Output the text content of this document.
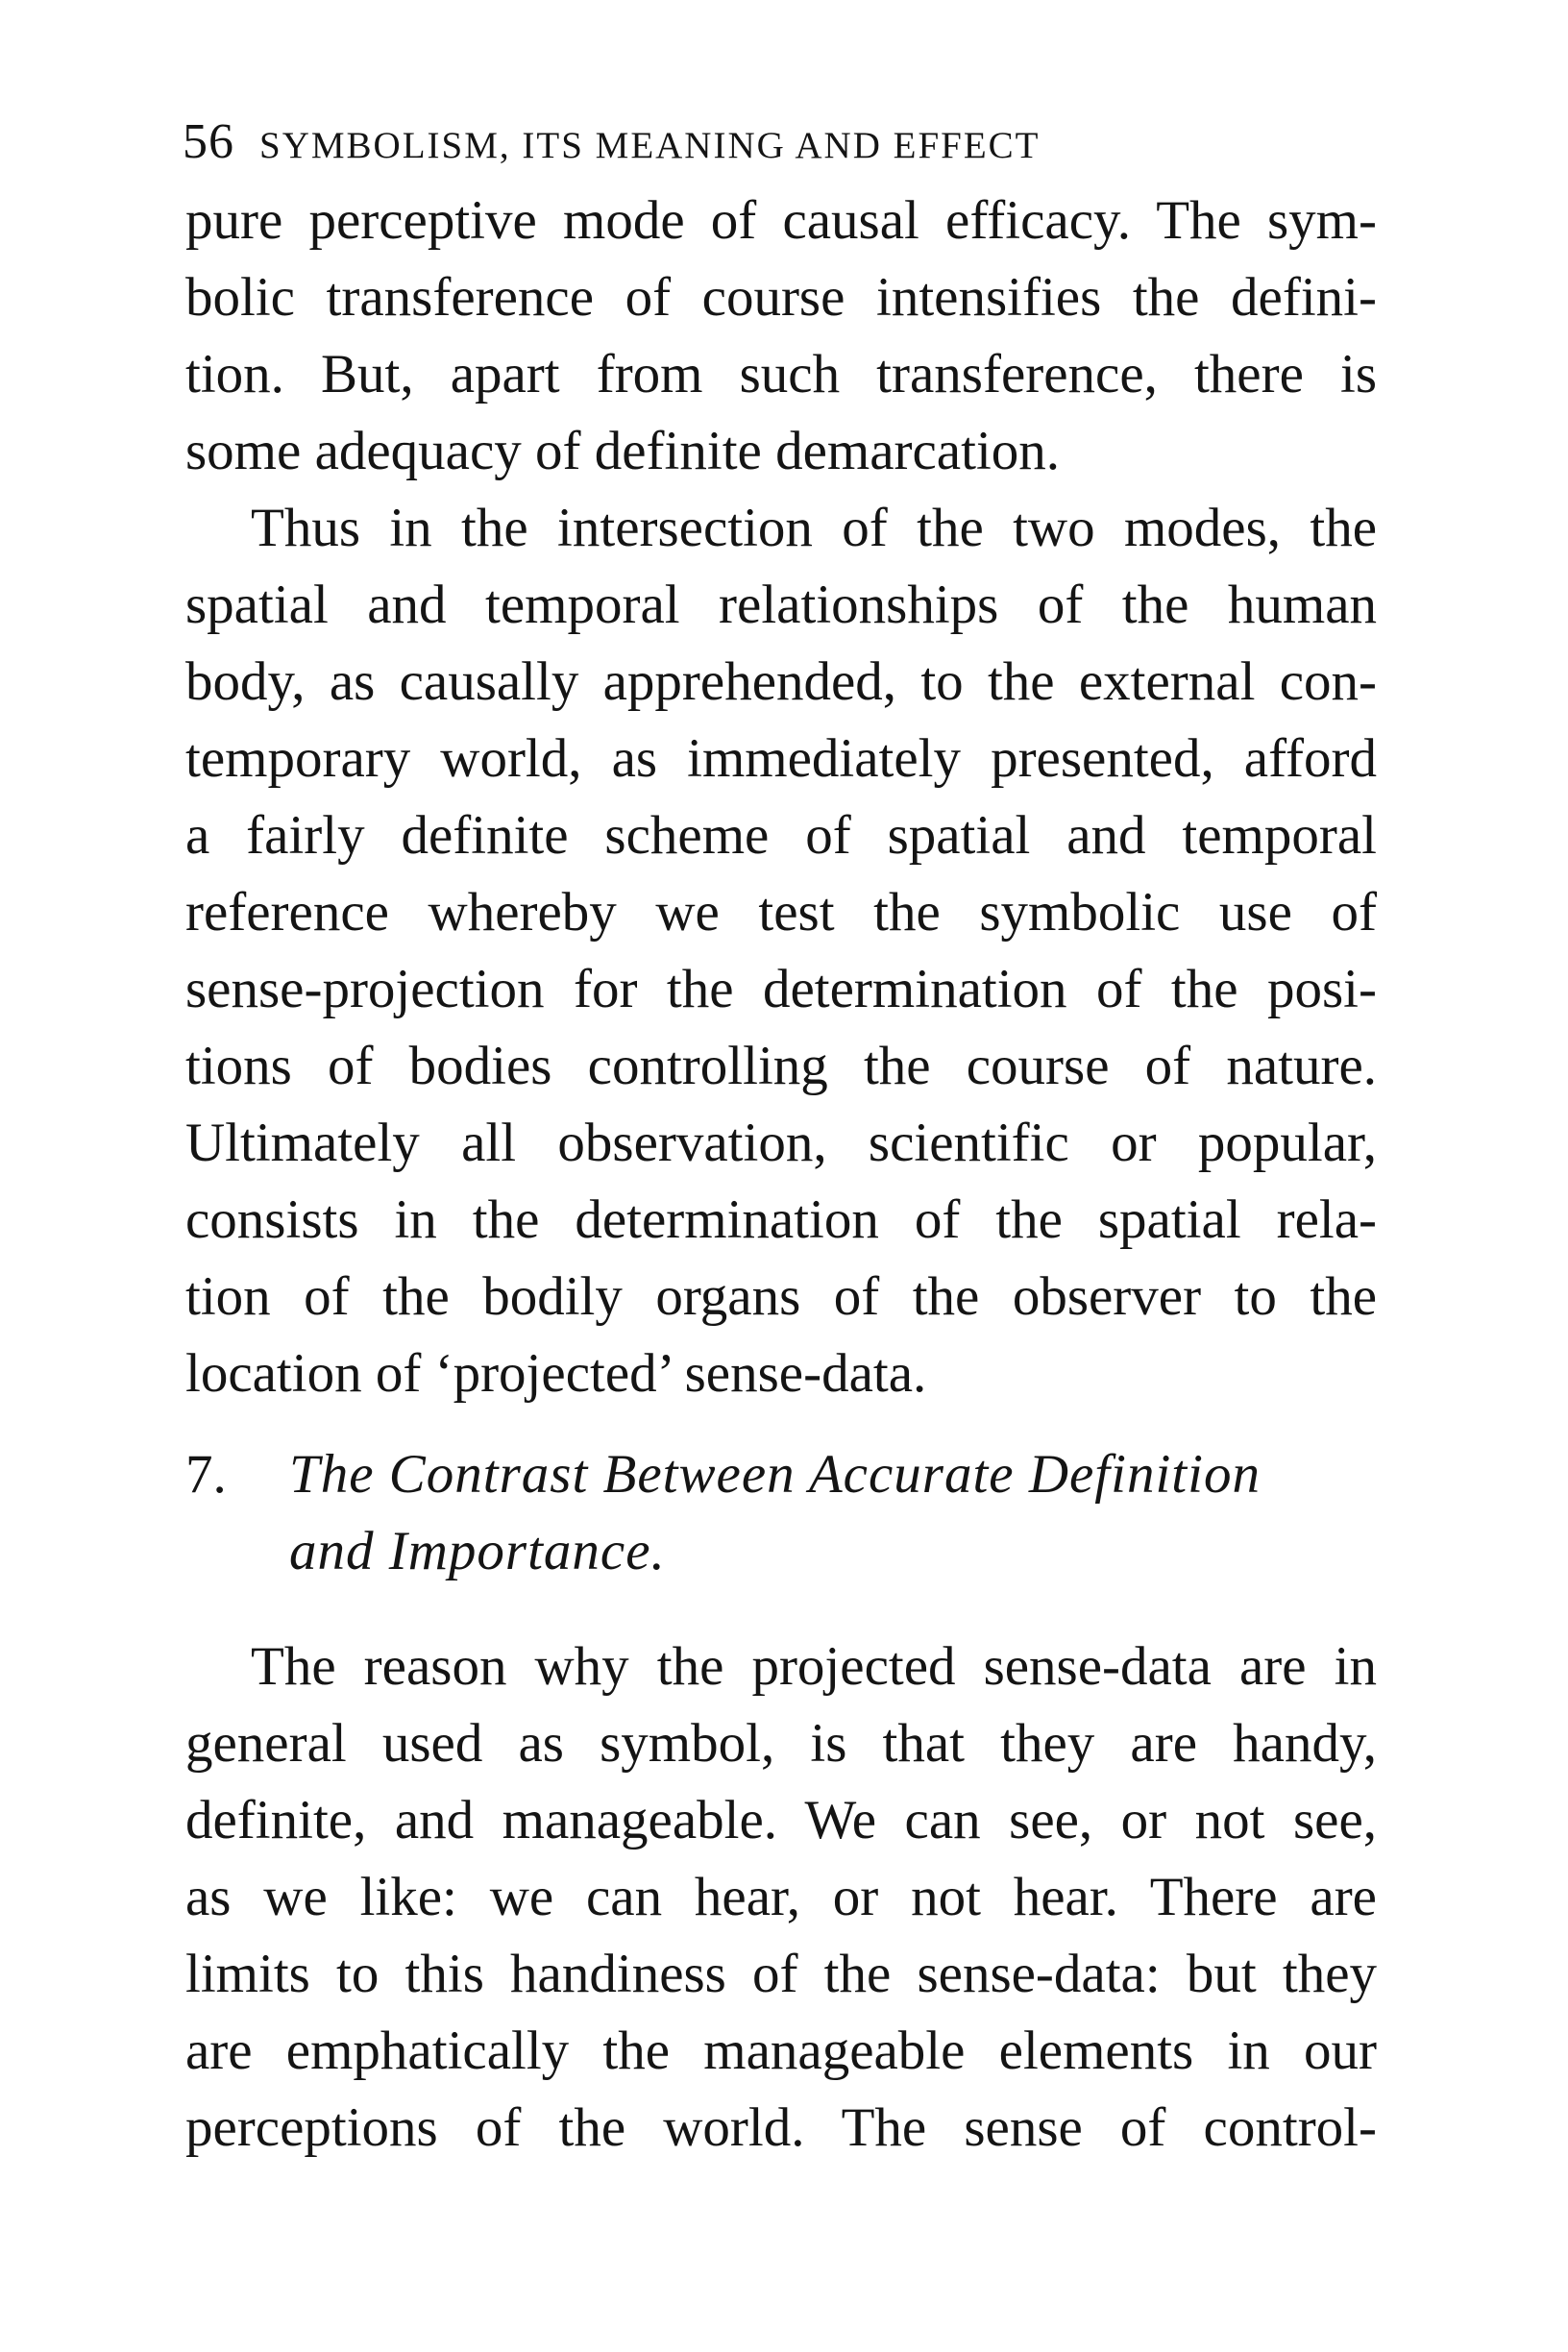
56 SYMBOLISM, ITS MEANING AND EFFECT
pure perceptive mode of causal efficacy. The sym-
bolic transference of course intensifies the defini-
tion. But, apart from such transference, there is
some adequacy of definite demarcation.
Thus in the intersection of the two modes, the
spatial and temporal relationships of the human
body, as causally apprehended, to the external con-
temporary world, as immediately presented, afford
a fairly definite scheme of spatial and temporal
reference whereby we test the symbolic use of
sense-projection for the determination of the posi-
tions of bodies controlling the course of nature.
Ultimately all observation, scientific or popular,
consists in the determination of the spatial rela-
tion of the bodily organs of the observer to the
location of ‘projected’ sense-data.
7. The Contrast Between Accurate Definition
and Importance.
The reason why the projected sense-data are in
general used as symbol, is that they are handy,
definite, and manageable. We can see, or not see,
as we like: we can hear, or not hear. There are
limits to this handiness of the sense-data: but they
are emphatically the manageable elements in our
perceptions of the world. The sense of control-
